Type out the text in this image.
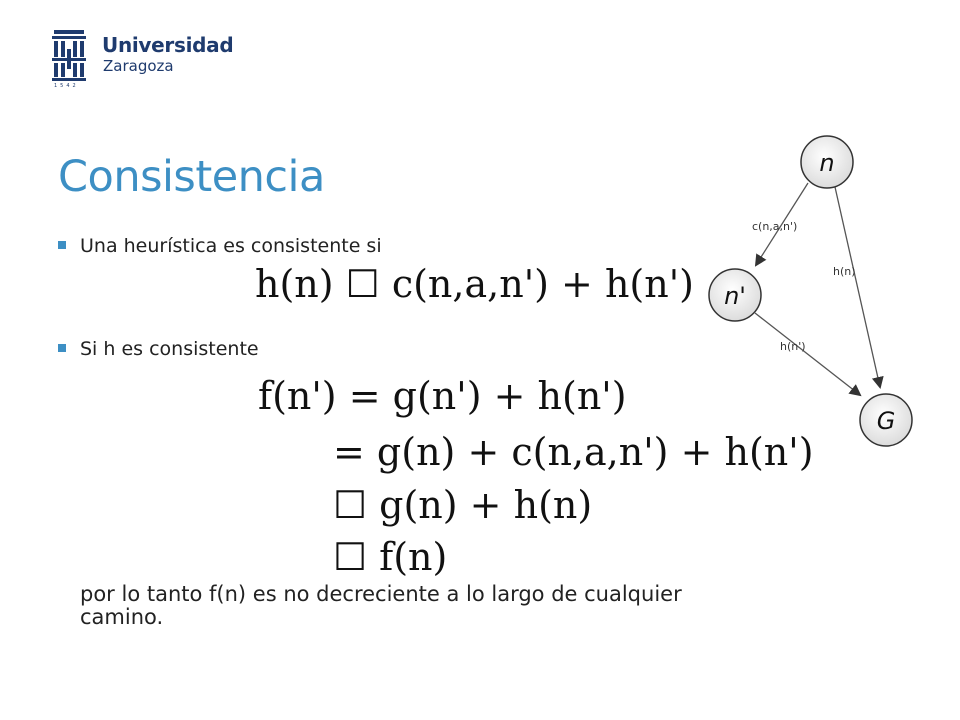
1542
Universidad
Zaragoza
Consistencia
Una heurística es consistente si
h(n) ☐ c(n,a,n') + h(n')
Si h es consistente
f(n') = g(n') + h(n')
= g(n) + c(n,a,n') + h(n')
☐ g(n) + h(n)
☐ f(n)
por lo tanto f(n) es no decreciente a lo largo de cualquier camino.
c(n,a,n')
h(n)
h(n')
n
n'
G
